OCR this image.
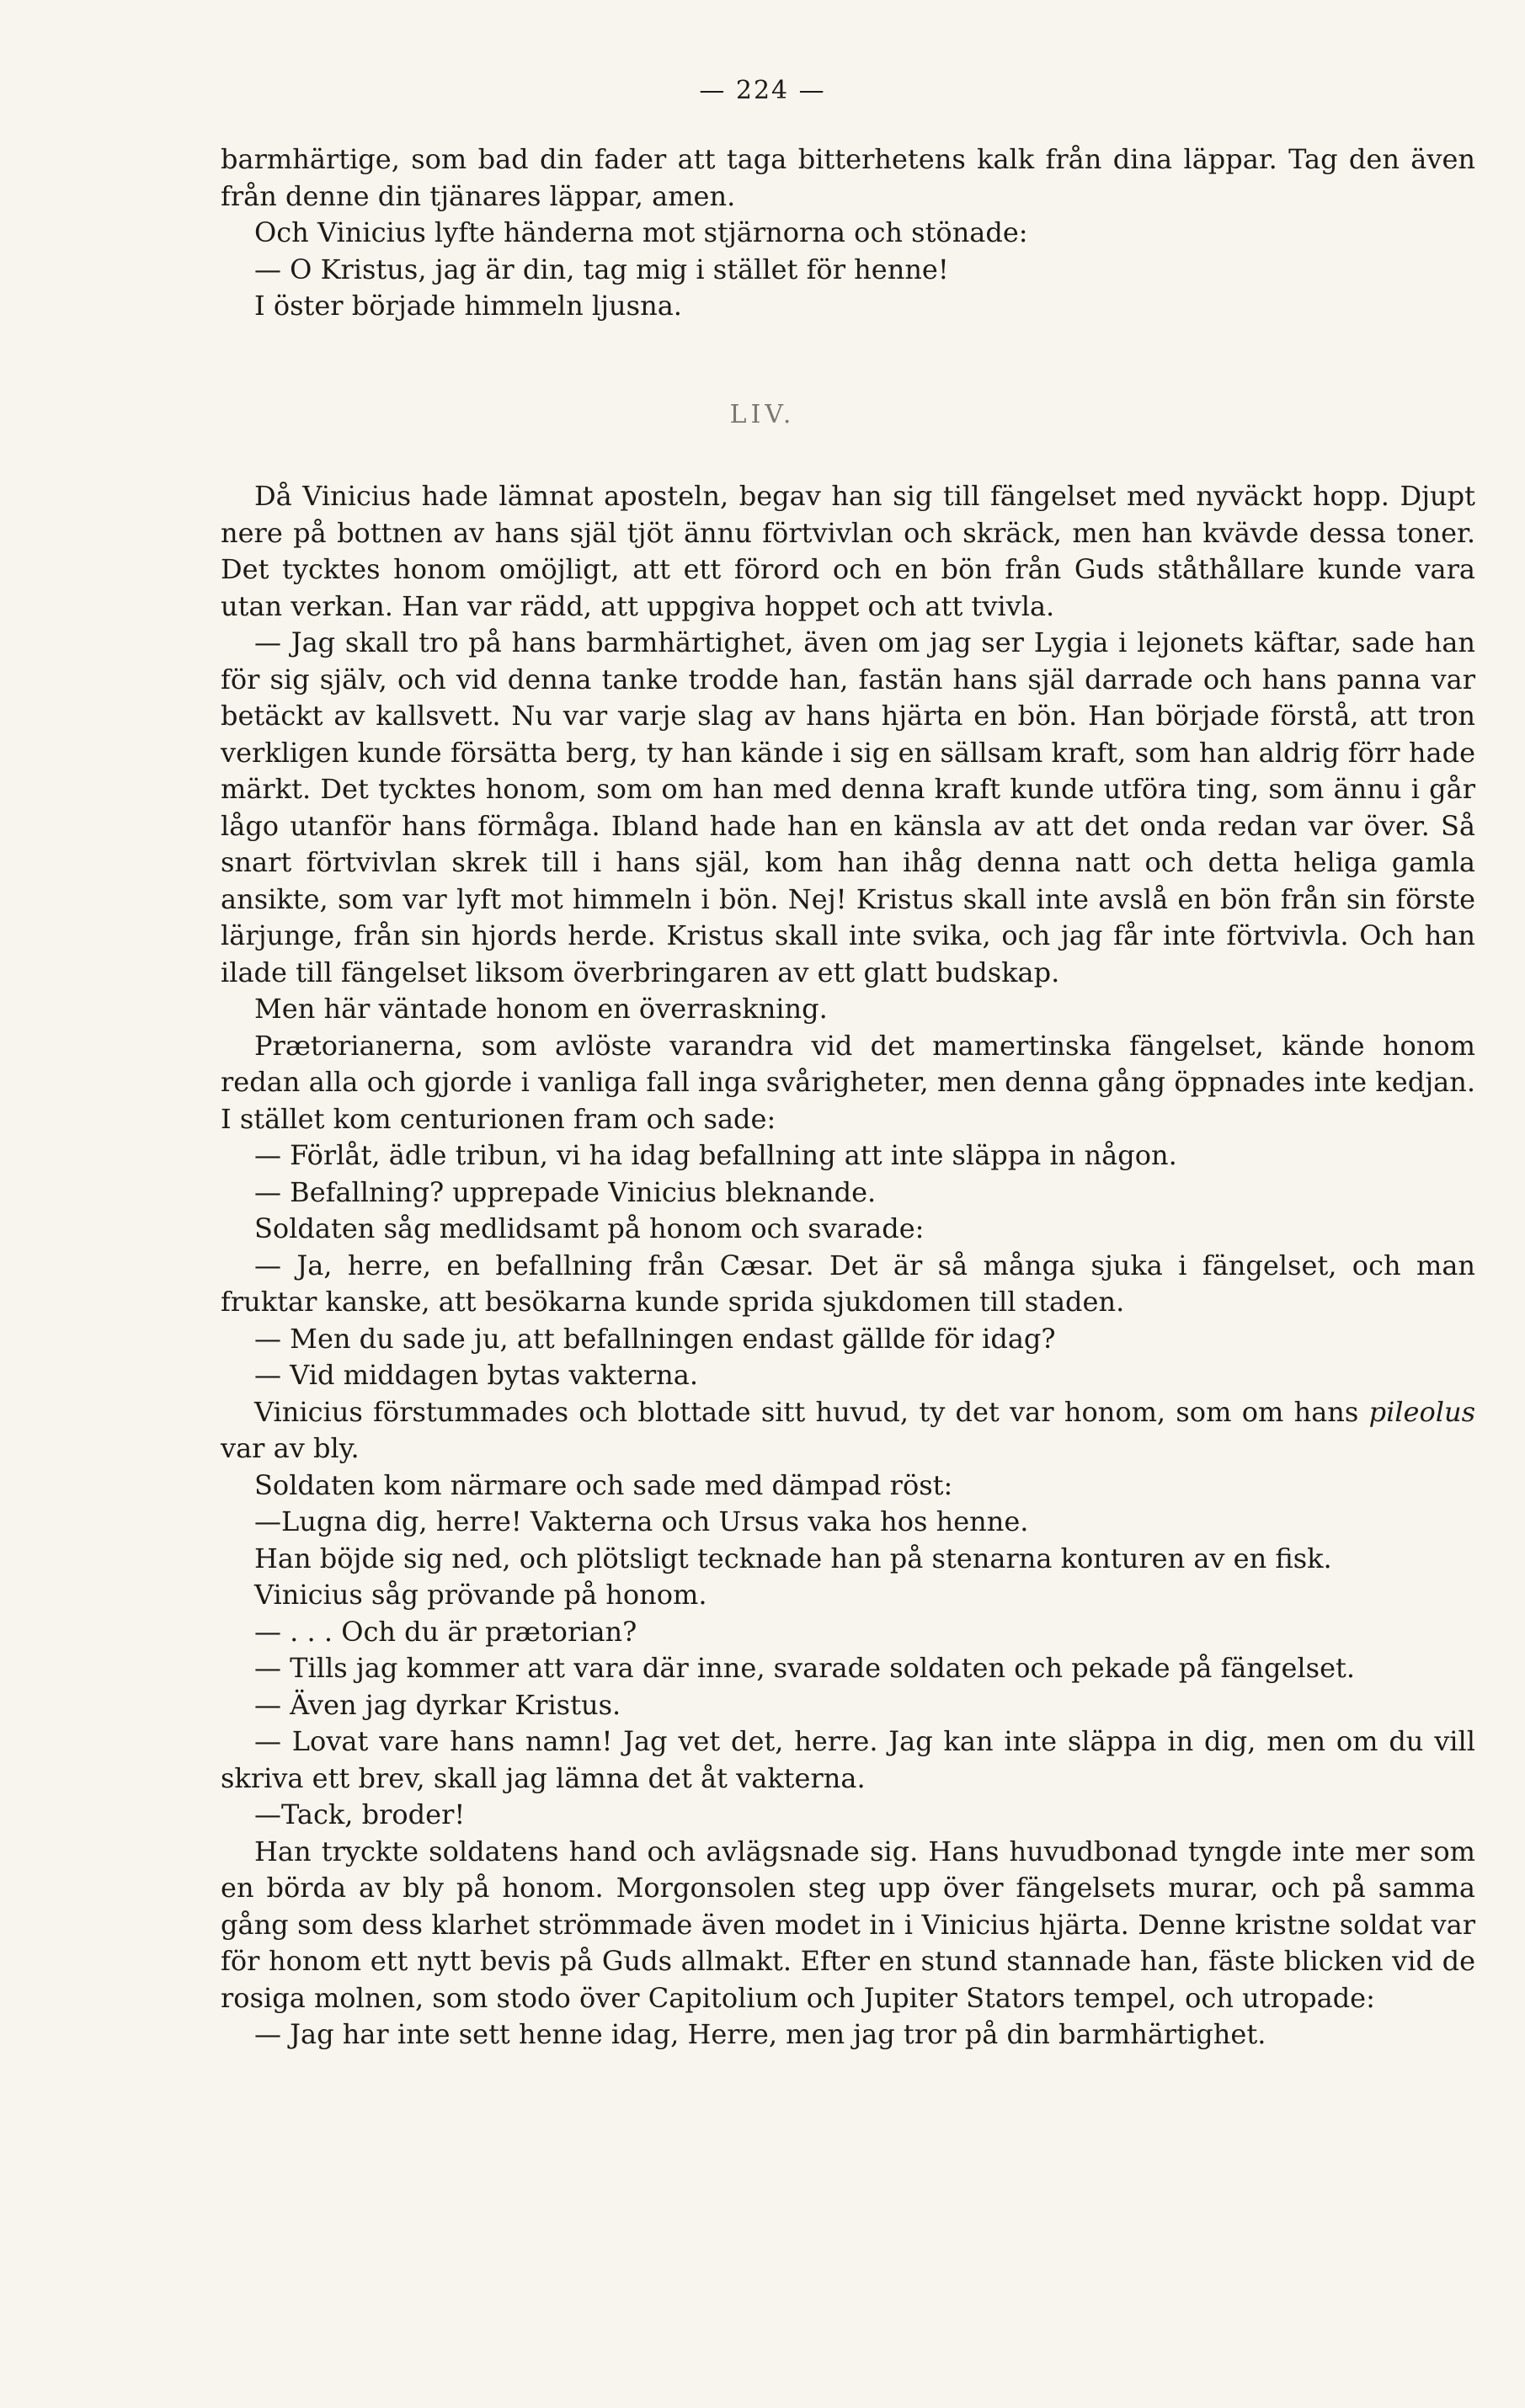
— 224 —

barmhärtige, som bad din fader att taga bitterhetens kalk från dina läppar. Tag den även från denne din tjänares läppar, amen.

Och Vinicius lyfte händerna mot stjärnorna och stönade:

— O Kristus, jag är din, tag mig i stället för henne!

I öster började himmeln ljusna.

LIV.

Då Vinicius hade lämnat aposteln, begav han sig till fängelset med nyväckt hopp. Djupt nere på bottnen av hans själ tjöt ännu förtvivlan och skräck, men han kvävde dessa toner. Det tycktes honom omöjligt, att ett förord och en bön från Guds ståthållare kunde vara utan verkan. Han var rädd, att uppgiva hoppet och att tvivla.

— Jag skall tro på hans barmhärtighet, även om jag ser Lygia i lejonets käftar, sade han för sig själv, och vid denna tanke trodde han, fastän hans själ darrade och hans panna var betäckt av kallsvett. Nu var varje slag av hans hjärta en bön. Han började förstå, att tron verkligen kunde försätta berg, ty han kände i sig en sällsam kraft, som han aldrig förr hade märkt. Det tycktes honom, som om han med denna kraft kunde utföra ting, som ännu i går lågo utanför hans förmåga. Ibland hade han en känsla av att det onda redan var över. Så snart förtvivlan skrek till i hans själ, kom han ihåg denna natt och detta heliga gamla ansikte, som var lyft mot himmeln i bön. Nej! Kristus skall inte avslå en bön från sin förste lärjunge, från sin hjords herde. Kristus skall inte svika, och jag får inte förtvivla. Och han ilade till fängelset liksom överbringaren av ett glatt budskap.

Men här väntade honom en överraskning.

Prætorianerna, som avlöste varandra vid det mamertinska fängelset, kände honom redan alla och gjorde i vanliga fall inga svårigheter, men denna gång öppnades inte kedjan. I stället kom centurionen fram och sade:

— Förlåt, ädle tribun, vi ha idag befallning att inte släppa in någon.

— Befallning? upprepade Vinicius bleknande.

Soldaten såg medlidsamt på honom och svarade:

— Ja, herre, en befallning från Cæsar. Det är så många sjuka i fängelset, och man fruktar kanske, att besökarna kunde sprida sjukdomen till staden.

— Men du sade ju, att befallningen endast gällde för idag?

— Vid middagen bytas vakterna.

Vinicius förstummades och blottade sitt huvud, ty det var honom, som om hans pileolus var av bly.

Soldaten kom närmare och sade med dämpad röst:

—Lugna dig, herre! Vakterna och Ursus vaka hos henne.

Han böjde sig ned, och plötsligt tecknade han på stenarna konturen av en fisk.

Vinicius såg prövande på honom.

— . . . Och du är prætorian?

— Tills jag kommer att vara där inne, svarade soldaten och pekade på fängelset.

— Även jag dyrkar Kristus.

— Lovat vare hans namn! Jag vet det, herre. Jag kan inte släppa in dig, men om du vill skriva ett brev, skall jag lämna det åt vakterna.

—Tack, broder!

Han tryckte soldatens hand och avlägsnade sig. Hans huvudbonad tyngde inte mer som en börda av bly på honom. Morgonsolen steg upp över fängelsets murar, och på samma gång som dess klarhet strömmade även modet in i Vinicius hjärta. Denne kristne soldat var för honom ett nytt bevis på Guds allmakt. Efter en stund stannade han, fäste blicken vid de rosiga molnen, som stodo över Capitolium och Jupiter Stators tempel, och utropade:

— Jag har inte sett henne idag, Herre, men jag tror på din barmhärtighet.
